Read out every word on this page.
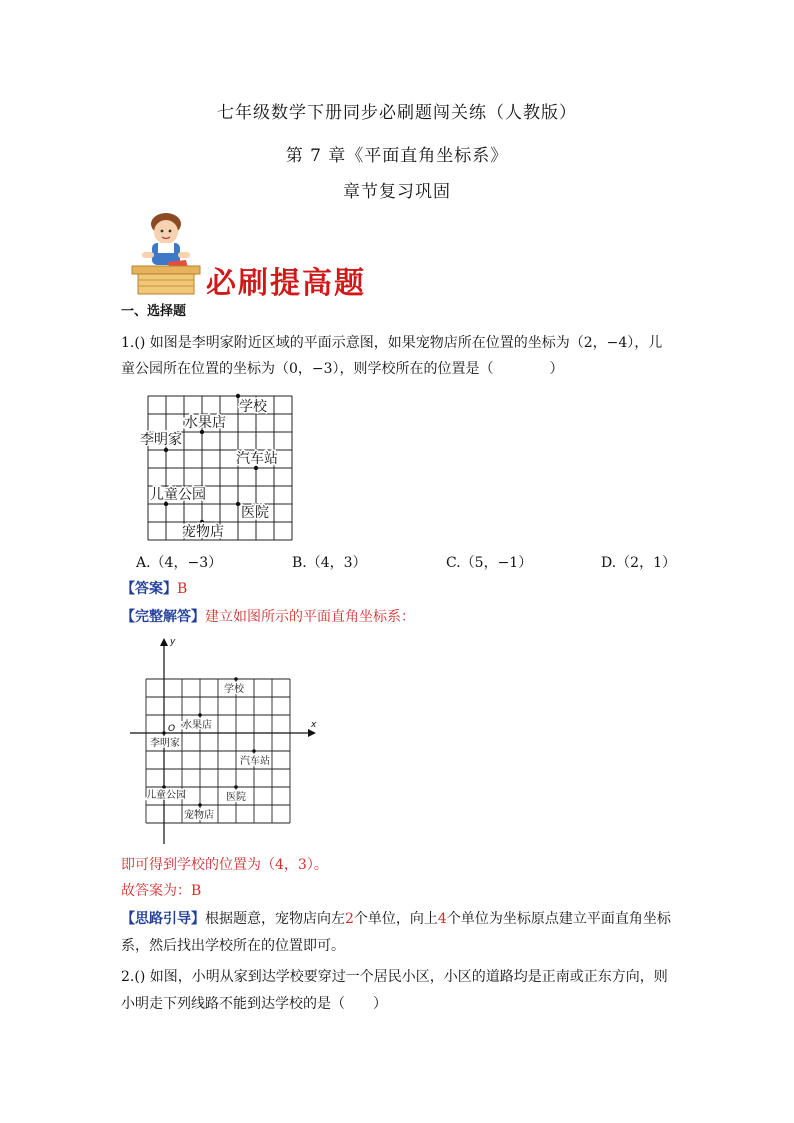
七年级数学下册同步必刷题闯关练（人教版）
第 7 章《平面直角坐标系》
章节复习巩固
必刷提高题
一、选择题
1.() 如图是李明家附近区域的平面示意图，如果宠物店所在位置的坐标为（2，−4），儿
童公园所在位置的坐标为（0，−3），则学校所在的位置是（　　　　）
学校
水果店
李明家
汽车站
儿童公园
医院
宠物店
A.（4，−3）	B.（4，3）	C.（5，−1）	D.（2，1）
【答案】B
【完整解答】建立如图所示的平面直角坐标系：
x
y
O
学校
水果店
李明家
汽车站
儿童公园	医院
宠物店
即可得到学校的位置为（4，3）。
故答案为：B
【思路引导】根据题意，宠物店向左2个单位，向上4个单位为坐标原点建立平面直角坐标
系，然后找出学校所在的位置即可。
2.() 如图，小明从家到达学校要穿过一个居民小区，小区的道路均是正南或正东方向，则
小明走下列线路不能到达学校的是（　　）
